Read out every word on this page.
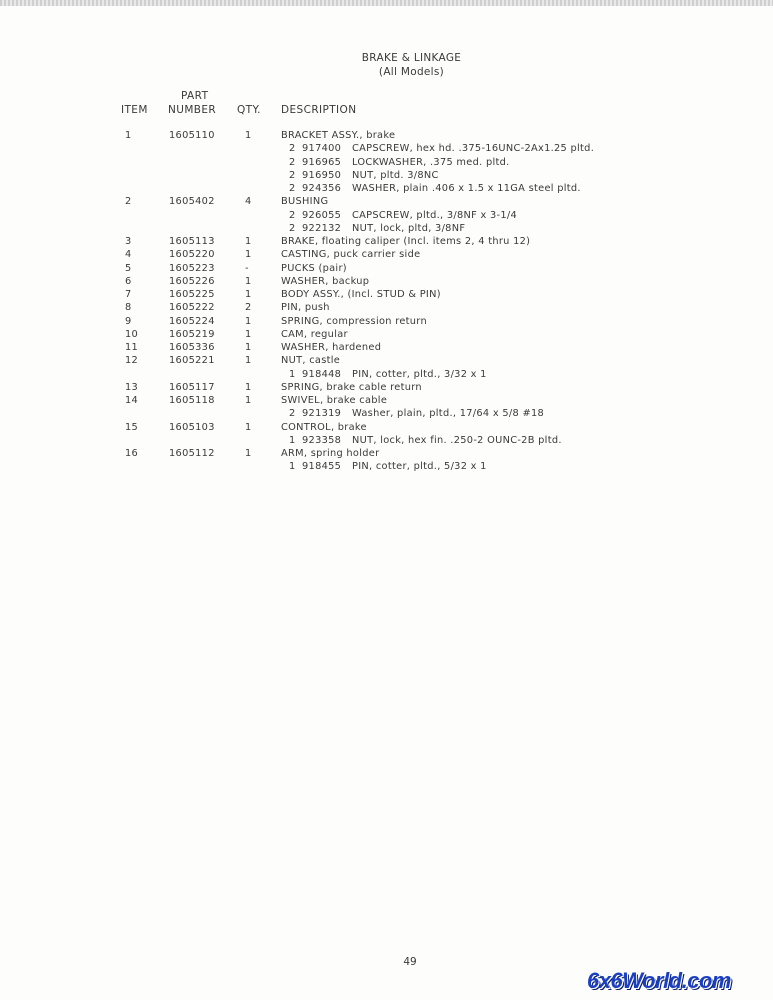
BRAKE & LINKAGE
(All Models)
PART
ITEM NUMBER QTY. DESCRIPTION
1	1605110	1	BRACKET ASSY., brake
2 917400 CAPSCREW, hex hd. .375-16UNC-2Ax1.25 pltd.
2 916965 LOCKWASHER, .375 med. pltd.
2 916950 NUT, pltd. 3/8NC
2 924356 WASHER, plain .406 x 1.5 x 11GA steel pltd.
2	1605402	4	BUSHING
2 926055 CAPSCREW, pltd., 3/8NF x 3-1/4
2 922132 NUT, lock, pltd, 3/8NF
3	1605113	1	BRAKE, floating caliper (Incl. items 2, 4 thru 12)
4	1605220	1	CASTING, puck carrier side
5	1605223	-	PUCKS (pair)
6	1605226	1	WASHER, backup
7	1605225	1	BODY ASSY., (Incl. STUD & PIN)
8	1605222	2	PIN, push
9	1605224	1	SPRING, compression return
10	1605219	1	CAM, regular
11	1605336	1	WASHER, hardened
12	1605221	1	NUT, castle
1 918448 PIN, cotter, pltd., 3/32 x 1
13	1605117	1	SPRING, brake cable return
14	1605118	1	SWIVEL, brake cable
2 921319 Washer, plain, pltd., 17/64 x 5/8 #18
15	1605103	1	CONTROL, brake
1 923358 NUT, lock, hex fin. .250-2 OUNC-2B pltd.
16	1605112	1	ARM, spring holder
1 918455 PIN, cotter, pltd., 5/32 x 1
49
6x6World.com
